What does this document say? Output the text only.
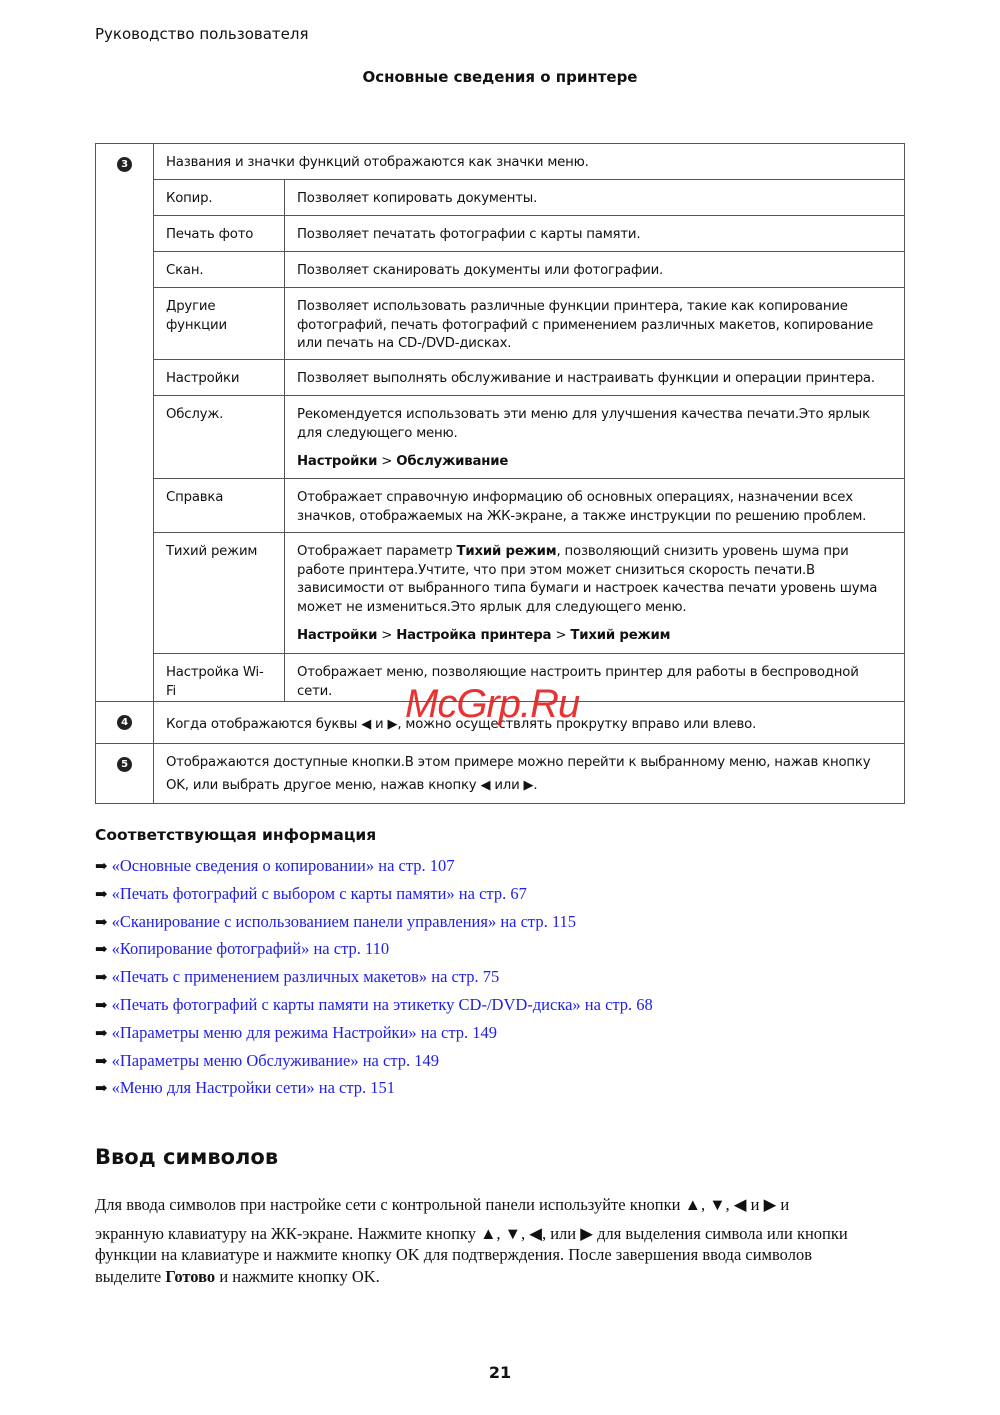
Руководство пользователя
Основные сведения о принтере
3	Названия и значки функций отображаются как значки меню.	
	Копир.	Позволяет копировать документы.
	Печать фото	Позволяет печатать фотографии с карты памяти.
	Скан.	Позволяет сканировать документы или фотографии.
	Другие функции	Позволяет использовать различные функции принтера, такие как копирование фотографий, печать фотографий с применением различных макетов, копирование или печать на CD-/DVD-дисках.
	Настройки	Позволяет выполнять обслуживание и настраивать функции и операции принтера.
	Обслуж.	Рекомендуется использовать эти меню для улучшения качества печати.Это ярлык для следующего меню.
Настройки > Обслуживание

	Справка	Отображает справочную информацию об основных операциях, назначении всех значков, отображаемых на ЖК-экране, а также инструкции по решению проблем.
	Тихий режим	Отображает параметр Тихий режим, позволяющий снизить уровень шума при работе принтера.Учтите, что при этом может снизиться скорость печати.В зависимости от выбранного типа бумаги и настроек качества печати уровень шума может не измениться.Это ярлык для следующего меню.
Настройки > Настройка принтера > Тихий режим

	Настройка Wi-Fi	Отображает меню, позволяющие настроить принтер для работы в беспроводной сети.
4	Когда отображаются буквы ◀ и ▶, можно осуществлять прокрутку вправо или влево.	
5	Отображаются доступные кнопки.В этом примере можно перейти к выбранному меню, нажав кнопку OK, или выбрать другое меню, нажав кнопку ◀ или ▶.	
McGrp.Ru
Соответствующая информация
➡ «Основные сведения о копировании» на стр. 107
➡ «Печать фотографий с выбором с карты памяти» на стр. 67
➡ «Сканирование с использованием панели управления» на стр. 115
➡ «Копирование фотографий» на стр. 110
➡ «Печать с применением различных макетов» на стр. 75
➡ «Печать фотографий с карты памяти на этикетку CD-/DVD-диска» на стр. 68
➡ «Параметры меню для режима Настройки» на стр. 149
➡ «Параметры меню Обслуживание» на стр. 149
➡ «Меню для Настройки сети» на стр. 151
Ввод символов

Для ввода символов при настройке сети с контрольной панели используйте кнопки ▲, ▼, ◀ и ▶ и

экранную клавиатуру на ЖК-экране. Нажмите кнопку ▲, ▼, ◀, или ▶ для выделения символа или кнопки функции на клавиатуре и нажмите кнопку OK для подтверждения. После завершения ввода символов выделите Готово и нажмите кнопку OK.

21
